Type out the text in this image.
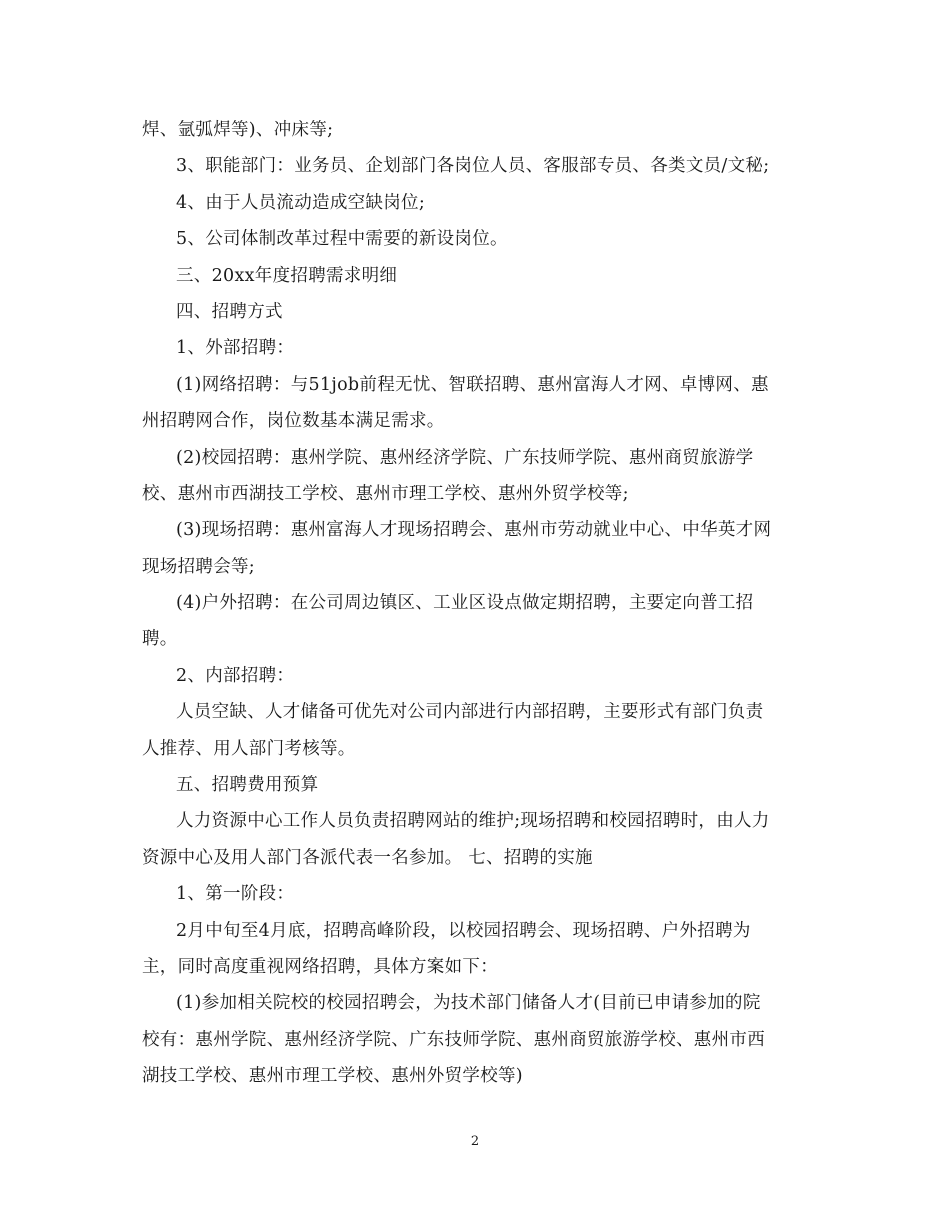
焊、氩弧焊等)、冲床等;
3、职能部门：业务员、企划部门各岗位人员、客服部专员、各类文员/文秘;
4、由于人员流动造成空缺岗位;
5、公司体制改革过程中需要的新设岗位。
三、20xx年度招聘需求明细
四、招聘方式
1、外部招聘：
(1)网络招聘：与51job前程无忧、智联招聘、惠州富海人才网、卓博网、惠
州招聘网合作，岗位数基本满足需求。
(2)校园招聘：惠州学院、惠州经济学院、广东技师学院、惠州商贸旅游学
校、惠州市西湖技工学校、惠州市理工学校、惠州外贸学校等;
(3)现场招聘：惠州富海人才现场招聘会、惠州市劳动就业中心、中华英才网
现场招聘会等;
(4)户外招聘：在公司周边镇区、工业区设点做定期招聘，主要定向普工招
聘。
2、内部招聘：
人员空缺、人才储备可优先对公司内部进行内部招聘，主要形式有部门负责
人推荐、用人部门考核等。
五、招聘费用预算
人力资源中心工作人员负责招聘网站的维护;现场招聘和校园招聘时，由人力
资源中心及用人部门各派代表一名参加。 七、招聘的实施
1、第一阶段：
2月中旬至4月底，招聘高峰阶段，以校园招聘会、现场招聘、户外招聘为
主，同时高度重视网络招聘，具体方案如下：
(1)参加相关院校的校园招聘会，为技术部门储备人才(目前已申请参加的院
校有：惠州学院、惠州经济学院、广东技师学院、惠州商贸旅游学校、惠州市西
湖技工学校、惠州市理工学校、惠州外贸学校等)
2
